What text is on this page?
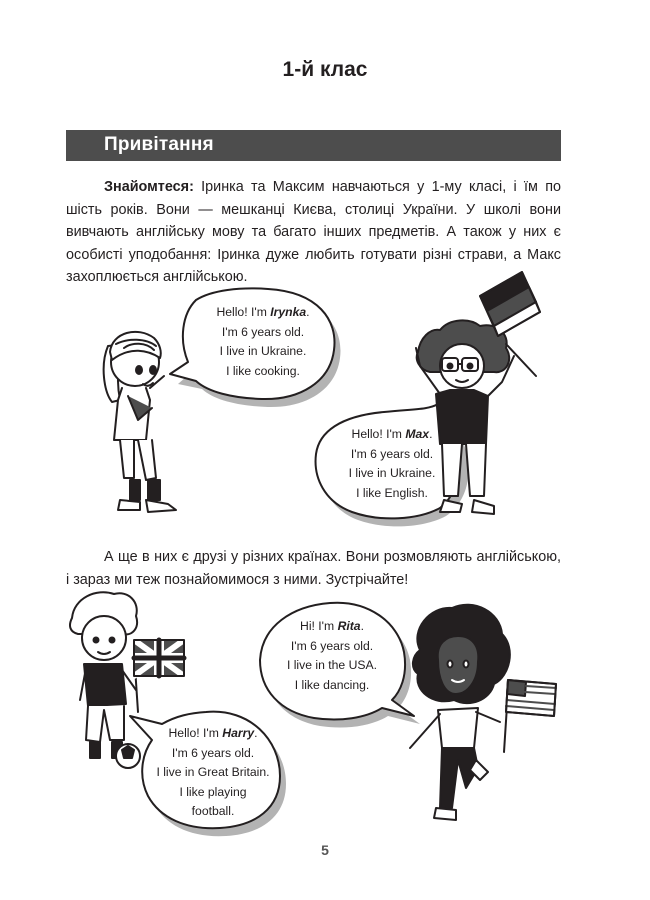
1-й клас
Привітання
Знайомтеся: Іринка та Максим навчаються у 1-му класі, і їм по шість років. Вони — мешканці Києва, столиці України. У школі вони вивчають англійську мову та багато інших предметів. А також у них є особисті уподобання: Іринка дуже любить готувати різні страви, а Макс захоплюється англійською.
А ще в них є друзі у різних країнах. Вони розмовляють англійською, і зараз ми теж познайомимося з ними. Зустрічайте!
Hello! I'm Irynka.
I'm 6 years old.
I live in Ukraine.
I like cooking.
Hello! I'm Max.
I'm 6 years old.
I live in Ukraine.
I like English.
Hi! I'm Rita.
I'm 6 years old.
I live in the USA.
I like dancing.
Hello! I'm Harry.
I'm 6 years old.
I live in Great Britain.
I like playing
football.
5
